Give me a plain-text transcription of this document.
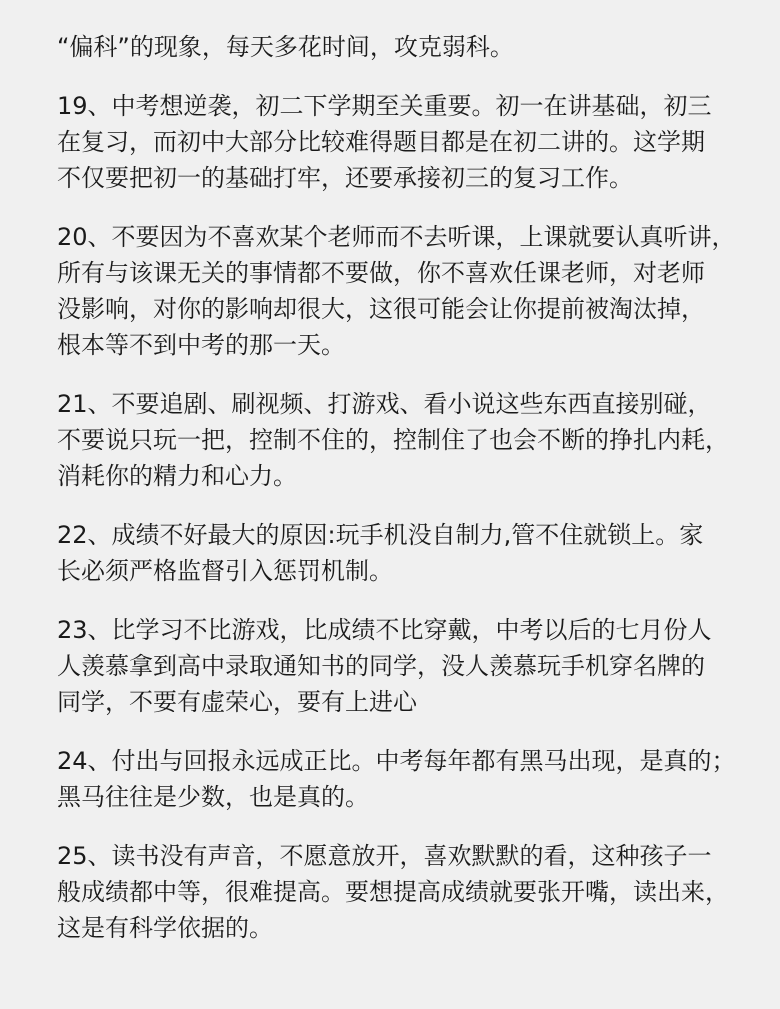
“偏科”的现象，每天多花时间，攻克弱科。

19、中考想逆袭，初二下学期至关重要。初一在讲基础，初三
在复习，而初中大部分比较难得题目都是在初二讲的。这学期
不仅要把初一的基础打牢，还要承接初三的复习工作。

20、不要因为不喜欢某个老师而不去听课，上课就要认真听讲，
所有与该课无关的事情都不要做，你不喜欢任课老师，对老师
没影响，对你的影响却很大，这很可能会让你提前被淘汰掉，
根本等不到中考的那一天。

21、不要追剧、刷视频、打游戏、看小说这些东西直接别碰，
不要说只玩一把，控制不住的，控制住了也会不断的挣扎内耗，
消耗你的精力和心力。

22、成绩不好最大的原因:玩手机没自制力,管不住就锁上。家
长必须严格监督引入惩罚机制。

23、比学习不比游戏，比成绩不比穿戴，中考以后的七月份人
人羡慕拿到高中录取通知书的同学，没人羡慕玩手机穿名牌的
同学，不要有虚荣心，要有上进心

24、付出与回报永远成正比。中考每年都有黑马出现，是真的；
黑马往往是少数，也是真的。

25、读书没有声音，不愿意放开，喜欢默默的看，这种孩子一
般成绩都中等，很难提高。要想提高成绩就要张开嘴，读出来，
这是有科学依据的。
